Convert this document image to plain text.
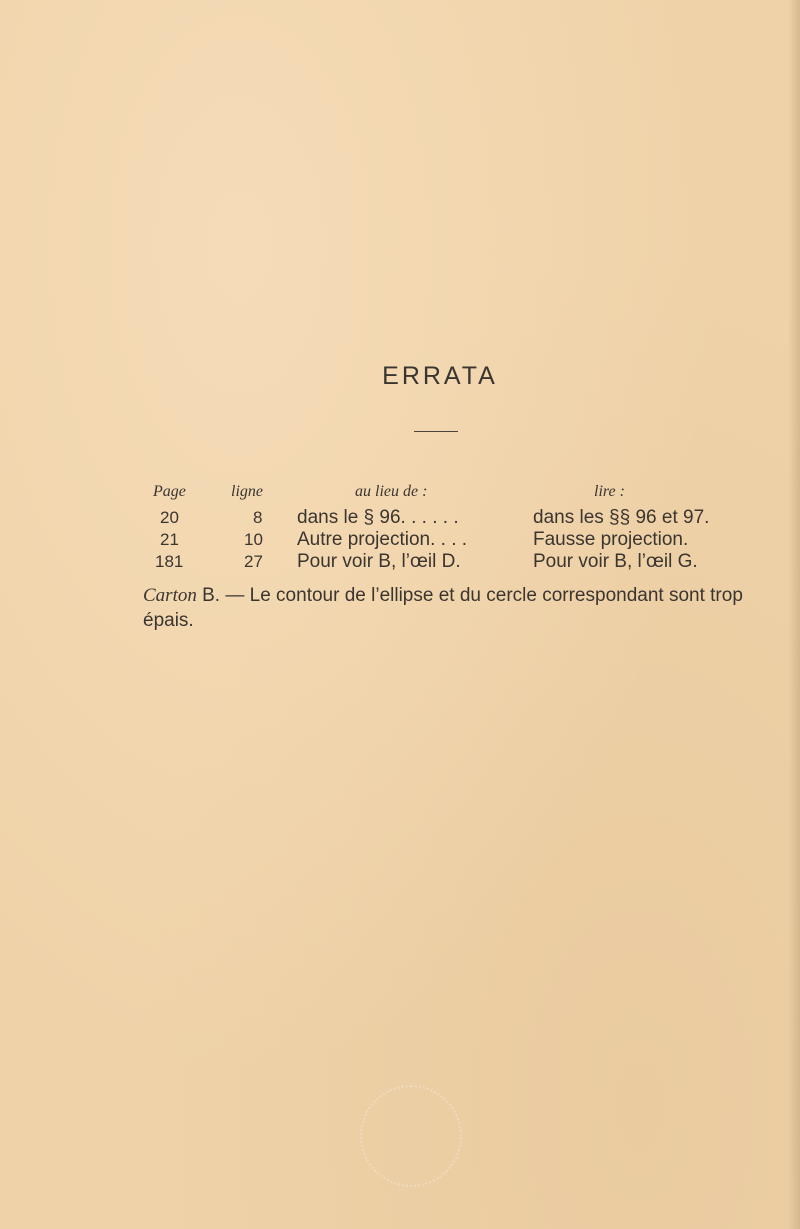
ERRATA
Page	ligne	au lieu de :	lire :
20	8 dans le § 96. . . . . .	dans les §§ 96 et 97.
21	10 Autre projection. . . .	Fausse projection.
181	27 Pour voir B, l’œil D.	Pour voir B, l’œil G.

Carton B. — Le contour de l’ellipse et du cercle correspondant sont trop épais.
